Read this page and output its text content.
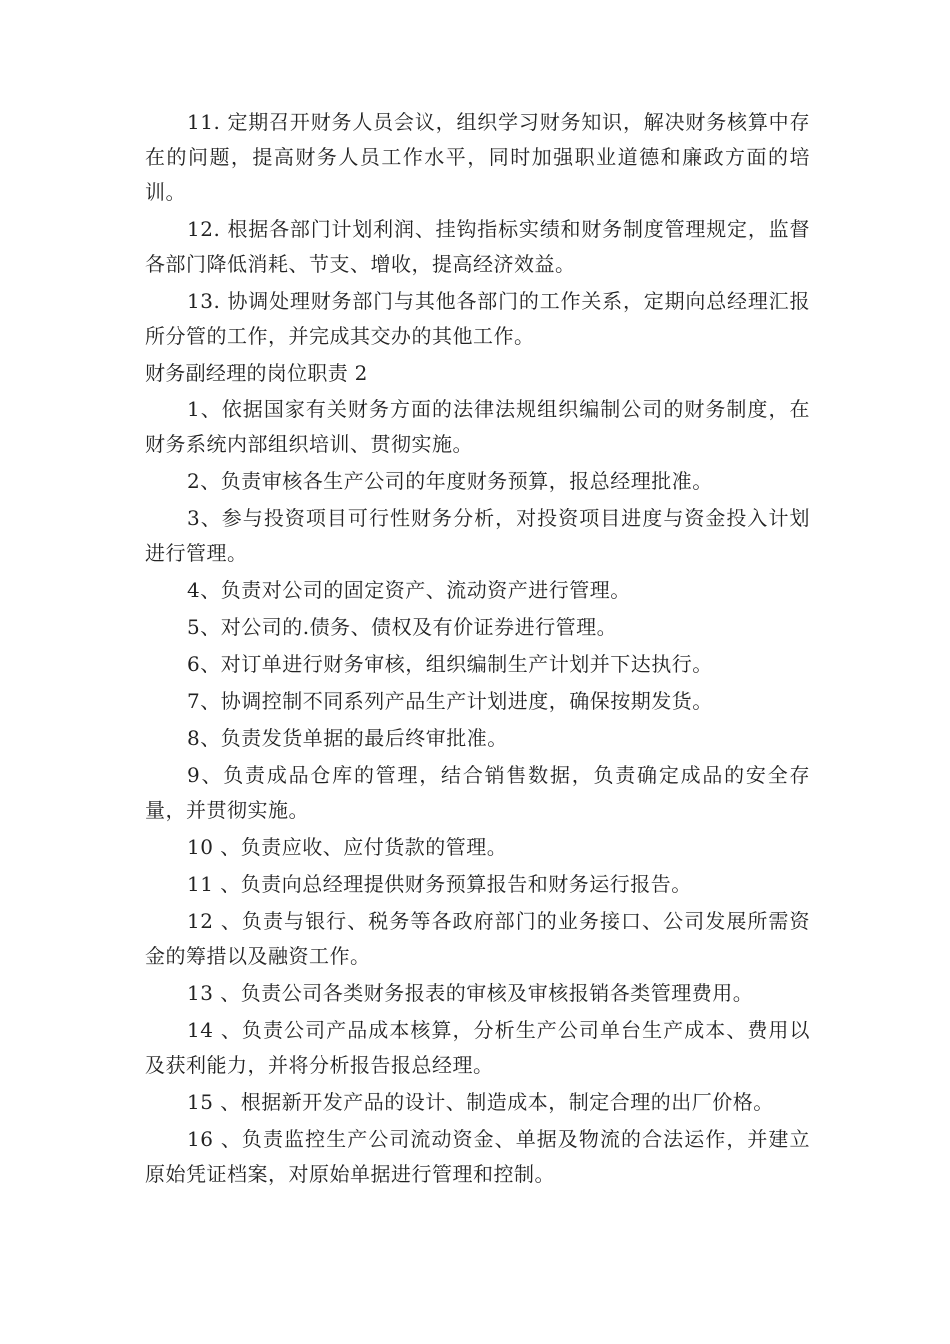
11. 定期召开财务人员会议，组织学习财务知识，解决财务核算中存在的问题，提高财务人员工作水平，同时加强职业道德和廉政方面的培训。

12. 根据各部门计划利润、挂钩指标实绩和财务制度管理规定，监督各部门降低消耗、节支、增收，提高经济效益。

13. 协调处理财务部门与其他各部门的工作关系，定期向总经理汇报所分管的工作，并完成其交办的其他工作。

财务副经理的岗位职责 2

1、依据国家有关财务方面的法律法规组织编制公司的财务制度，在财务系统内部组织培训、贯彻实施。

2、负责审核各生产公司的年度财务预算，报总经理批准。

3、参与投资项目可行性财务分析，对投资项目进度与资金投入计划进行管理。

4、负责对公司的固定资产、流动资产进行管理。

5、对公司的.债务、债权及有价证券进行管理。

6、对订单进行财务审核，组织编制生产计划并下达执行。

7、协调控制不同系列产品生产计划进度，确保按期发货。

8、负责发货单据的最后终审批准。

9、负责成品仓库的管理，结合销售数据，负责确定成品的安全存量，并贯彻实施。

10 、负责应收、应付货款的管理。

11 、负责向总经理提供财务预算报告和财务运行报告。

12 、负责与银行、税务等各政府部门的业务接口、公司发展所需资金的筹措以及融资工作。

13 、负责公司各类财务报表的审核及审核报销各类管理费用。

14 、负责公司产品成本核算，分析生产公司单台生产成本、费用以及获利能力，并将分析报告报总经理。

15 、根据新开发产品的设计、制造成本，制定合理的出厂价格。

16 、负责监控生产公司流动资金、单据及物流的合法运作，并建立原始凭证档案，对原始单据进行管理和控制。
